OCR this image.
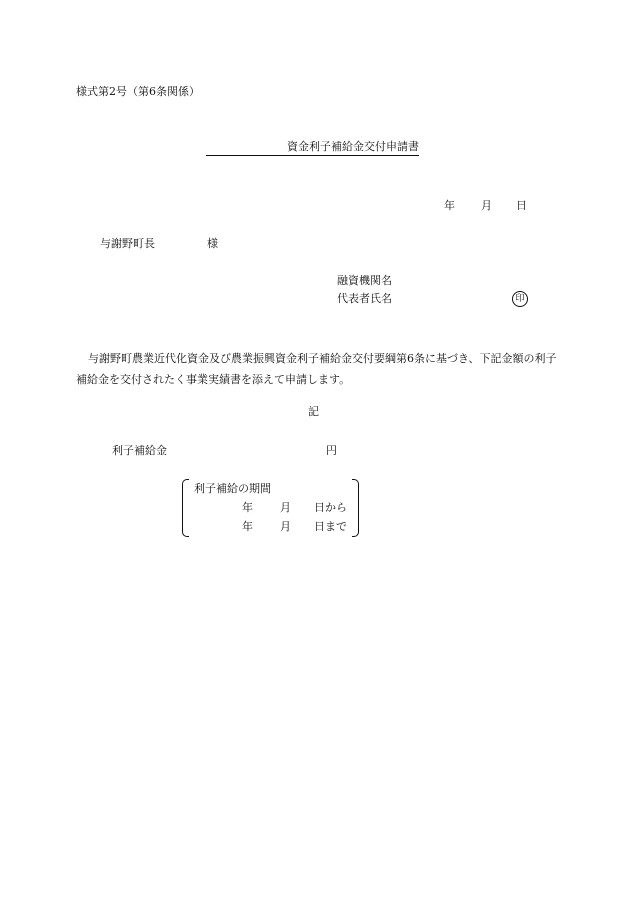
様式第2号（第6条関係）
資金利子補給金交付申請書
年 月 日
与謝野町長	様
融資機関名
代表者氏名	印
与謝野町農業近代化資金及び農業振興資金利子補給金交付要綱第6条に基づき、下記金額の利子補給金を交付されたく事業実績書を添えて申請します。
記
利子補給金	円
利子補給の期間
年 月 日から
年 月 日まで
